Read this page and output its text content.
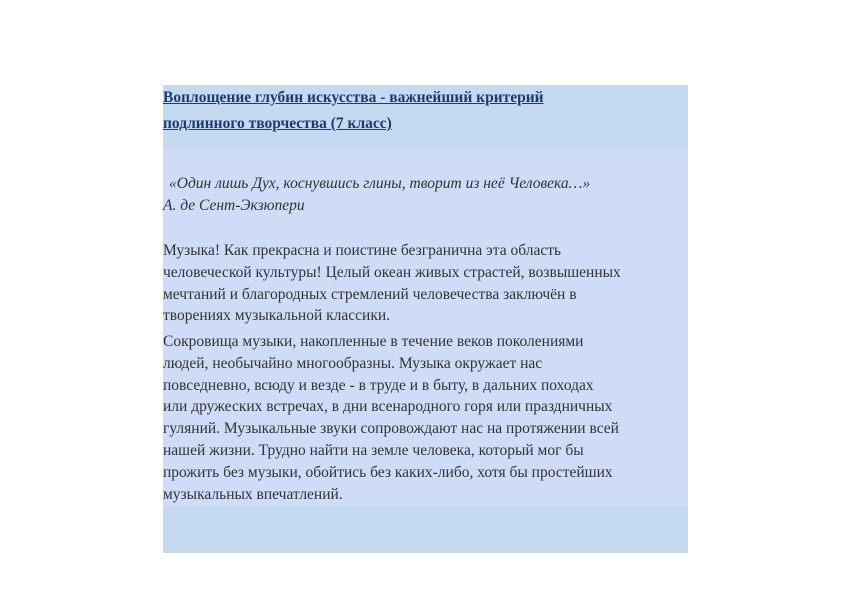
Воплощение глубин искусства - важнейший критерий
подлинного творчества (7 класс)
«Один лишь Дух, коснувшись глины, творит из неё Человека…»
А. де Сент-Экзюпери
Музыка! Как прекрасна и поистине безгранична эта область
человеческой культуры! Целый океан живых страстей, возвышенных
мечтаний и благородных стремлений человечества заключён в
творениях музыкальной классики.
Сокровища музыки, накопленные в течение веков поколениями
людей, необычайно многообразны. Музыка окружает нас
повседневно, всюду и везде - в труде и в быту, в дальних походах
или дружеских встречах, в дни всенародного горя или праздничных
гуляний. Музыкальные звуки сопровождают нас на протяжении всей
нашей жизни. Трудно найти на земле человека, который мог бы
прожить без музыки, обойтись без каких-либо, хотя бы простейших
музыкальных впечатлений.
